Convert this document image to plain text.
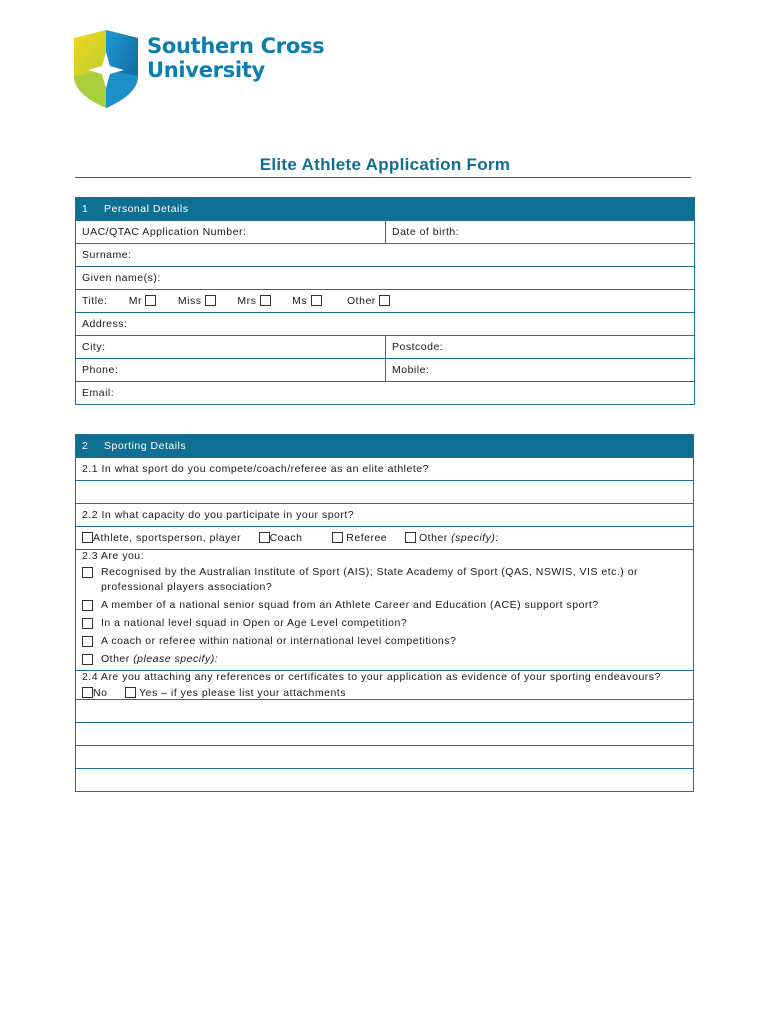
Southern Cross
University
Elite Athlete Application Form
1 Personal Details	
UAC/QTAC Application Number:	Date of birth:
Surname:	
Given name(s):	
Title: Mr Miss Mrs Ms Other	
Address:	
City:	Postcode:
Phone:	Mobile:
Email:	
2 Sporting Details
2.1 In what sport do you compete/coach/referee as an elite athlete?

2.2 In what capacity do you participate in your sport?
Athlete, sportsperson, player	Coach	Referee	Other (specify):

2.3 Are you:
Recognised by the Australian Institute of Sport (AIS); State Academy of Sport (QAS, NSWIS, VIS etc.) or professional players association?
A member of a national senior squad from an Athlete Career and Education (ACE) support sport?
In a national level squad in Open or Age Level competition?
A coach or referee within national or international level competitions?
Other (please specify):

2.4 Are you attaching any references or certificates to your application as evidence of your sporting endeavours?
No	Yes – if yes please list your attachments
